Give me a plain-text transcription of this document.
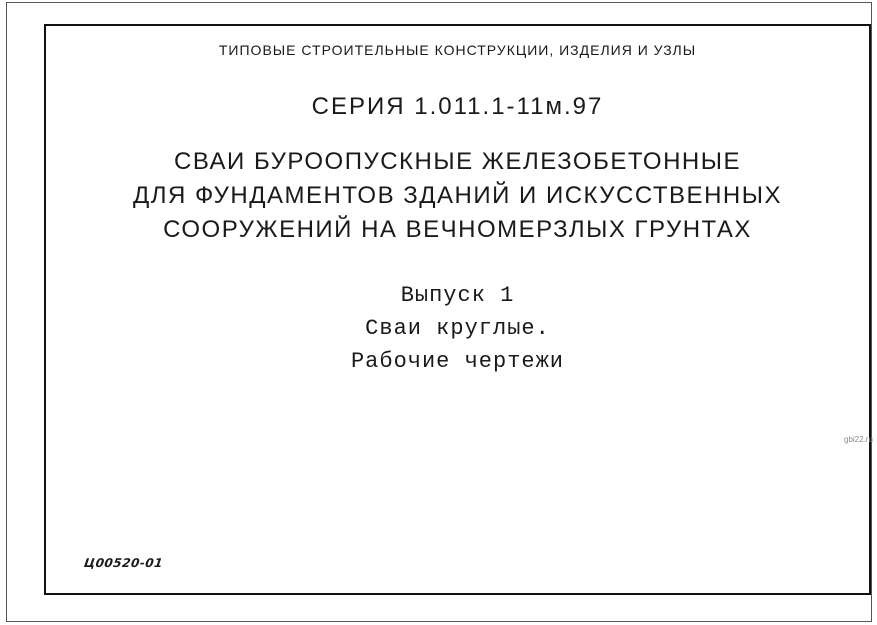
ТИПОВЫЕ СТРОИТЕЛЬНЫЕ КОНСТРУКЦИИ, ИЗДЕЛИЯ И УЗЛЫ

СЕРИЯ 1.011.1-11м.97

СВАИ БУРООПУСКНЫЕ ЖЕЛЕЗОБЕТОННЫЕ

ДЛЯ ФУНДАМЕНТОВ ЗДАНИЙ И ИСКУССТВЕННЫХ

СООРУЖЕНИЙ НА ВЕЧНОМЕРЗЛЫХ ГРУНТАХ

Выпуск 1

Сваи круглые.

Рабочие чертежи

Ц00520-01
gbi22.ru
